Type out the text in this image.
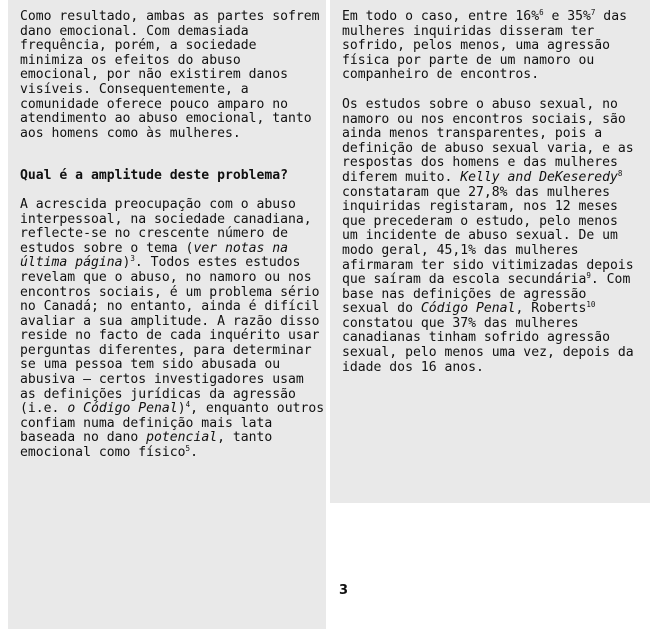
Como resultado, ambas as partes sofrem dano emocional. Com demasiada frequência, porém, a sociedade minimiza os efeitos do abuso emocional, por não existirem danos visíveis. Consequentemente, a comunidade oferece pouco amparo no atendimento ao abuso emocional, tanto aos homens como às mulheres.

Qual é a amplitude deste problema?

A acrescida preocupação com o abuso interpessoal, na sociedade canadiana, reflecte-se no crescente número de estudos sobre o tema (ver notas na última página)$^3$. Todos estes estudos revelam que o abuso, no namoro ou nos encontros sociais, é um problema sério no Canadá; no entanto, ainda é difícil avaliar a sua amplitude. A razão disso reside no facto de cada inquérito usar perguntas diferentes, para determinar se uma pessoa tem sido abusada ou abusiva — certos investigadores usam as definições jurídicas da agressão (i.e. o Código Penal)$^4$, enquanto outros confiam numa definição mais lata baseada no dano potencial, tanto emocional como físico$^5$.

Em todo o caso, entre 16%$^6$ e 35%$^7$ das mulheres inquiridas disseram ter sofrido, pelos menos, uma agressão física por parte de um namoro ou companheiro de encontros.

Os estudos sobre o abuso sexual, no namoro ou nos encontros sociais, são ainda menos transparentes, pois a definição de abuso sexual varia, e as respostas dos homens e das mulheres diferem muito. Kelly and DeKeseredy$^8$ constataram que 27,8% das mulheres inquiridas registaram, nos 12 meses que precederam o estudo, pelo menos um incidente de abuso sexual. De um modo geral, 45,1% das mulheres afirmaram ter sido vitimizadas depois que saíram da escola secundária$^9$. Com base nas definições de agressão sexual do Código Penal, Roberts$^{10}$ constatou que 37% das mulheres canadianas tinham sofrido agressão sexual, pelo menos uma vez, depois da idade dos 16 anos.

3
